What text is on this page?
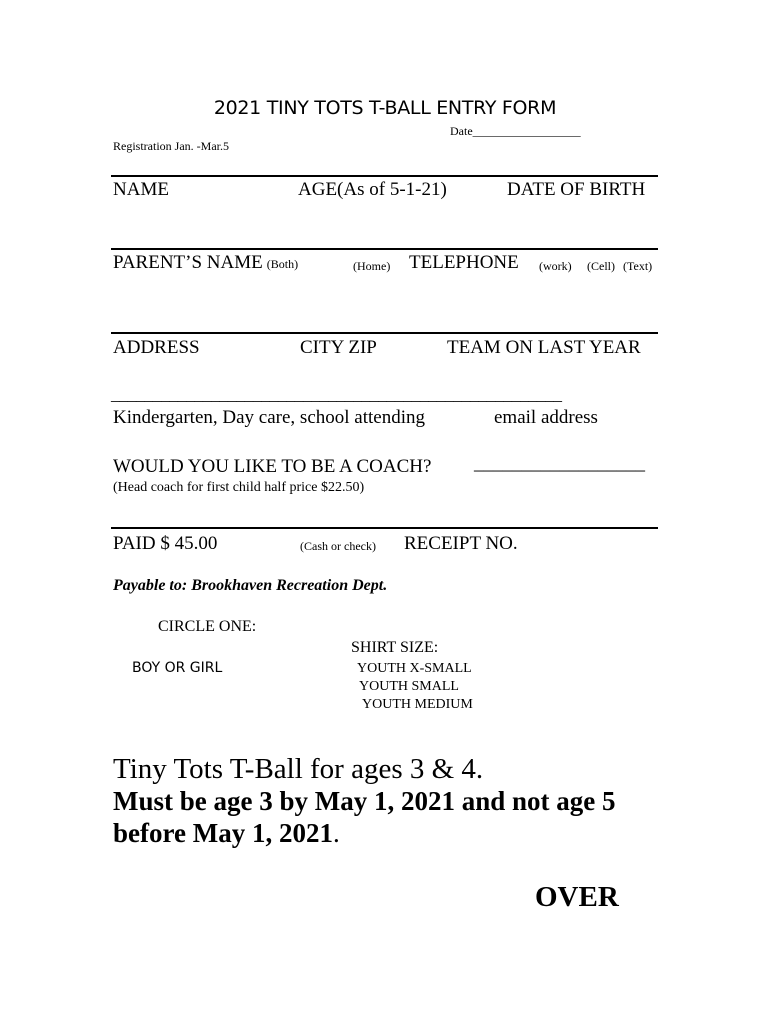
2021 TINY TOTS T-BALL ENTRY FORM
Date__________________
Registration Jan. -Mar.5
NAME	AGE(As of 5-1-21)	DATE OF BIRTH
PARENT’S NAME (Both)	(Home) TELEPHONE (work) (Cell) (Text)
ADDRESS	CITY ZIP	TEAM ON LAST YEAR
______________________________________________________
Kindergarten, Day care, school attending	email address
WOULD YOU LIKE TO BE A COACH? __________________
(Head coach for first child half price $22.50)
PAID $ 45.00	(Cash or check) RECEIPT NO.
Payable to: Brookhaven Recreation Dept.
CIRCLE ONE:
BOY OR GIRL
SHIRT SIZE:
YOUTH X-SMALL
YOUTH SMALL
YOUTH MEDIUM
Tiny Tots T-Ball for ages 3 & 4.
Must be age 3 by May 1, 2021 and not age 5
before May 1, 2021.
OVER
